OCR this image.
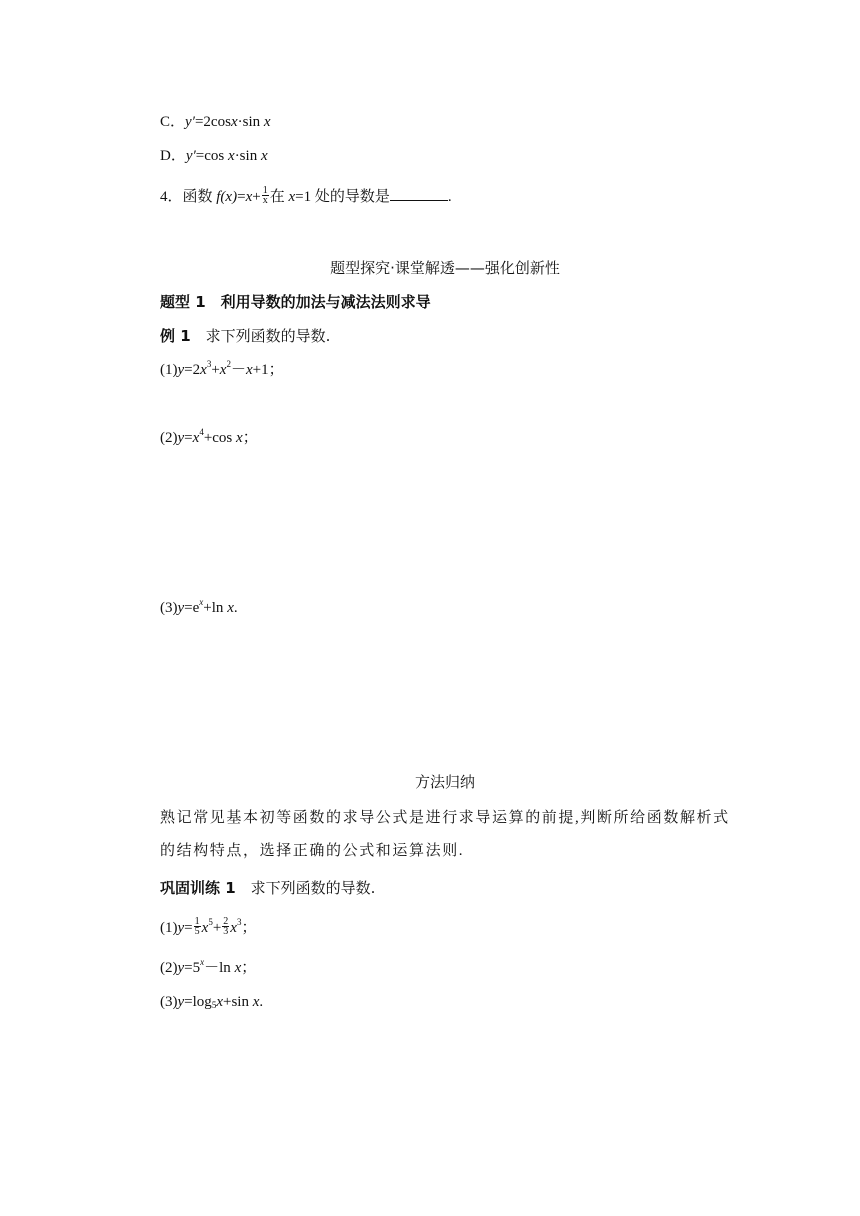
C．y′=2cosx·sin x
D．y′=cos x·sin x
4．函数 $f(x)=x+ \frac{1}{x}$ 在 x=1 处的导数是	.
题型探究·课堂解透——强化创新性
题型 1　利用导数的加法与减法法则求导
例 1　求下列函数的导数.
$(1)y=2x^3+x^2-x+1$；
$(2)y=x^4+\cos$ x；
$(3)y=e^x+\ln$ x.
方法归纳
熟记常见基本初等函数的求导公式是进行求导运算的前提,判断所给函数解析式的结构特点，选择正确的公式和运算法则.
巩固训练 1　求下列函数的导数.
$(1)y= \frac{1}{5} x^5+ \frac{2}{3} x^3$；
$(2)y=5^x-\ln$ x；
$(3)y=\log_5x+\sin$ x.
